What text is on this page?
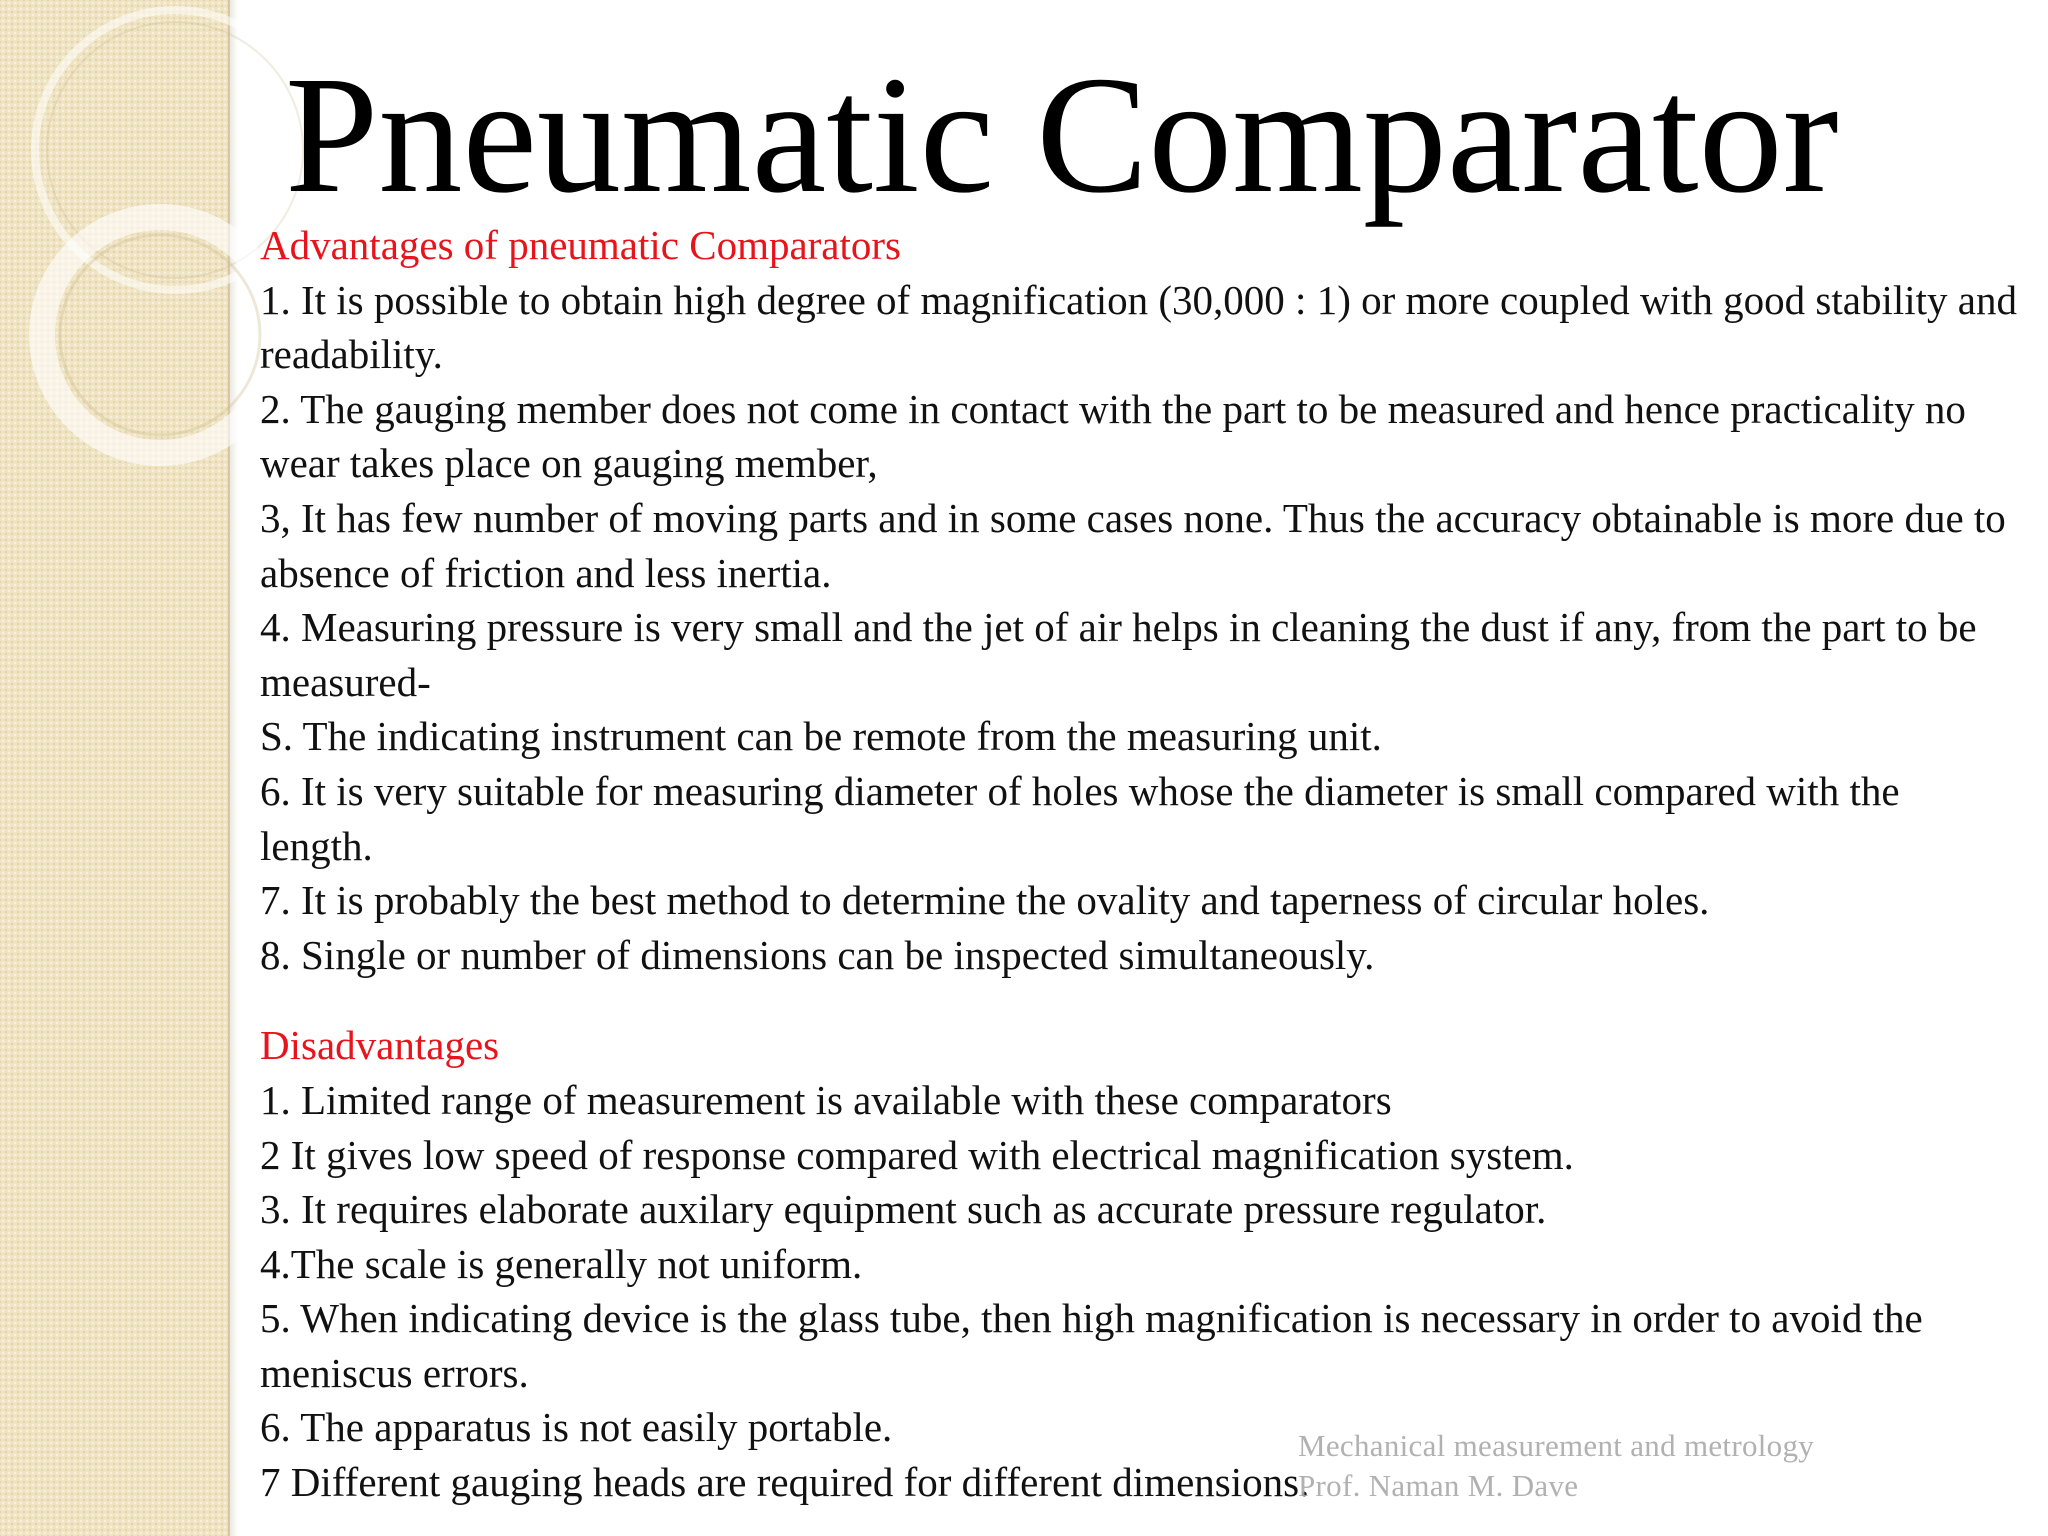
Pneumatic Comparator
Advantages of pneumatic Comparators

1. It is possible to obtain high degree of magnification (30,000 : 1) or more coupled with good stability and readability.

2. The gauging member does not come in contact with the part to be measured and hence practicality no wear takes place on gauging member,

3, It has few number of moving parts and in some cases none. Thus the accuracy obtainable is more due to absence of friction and less inertia.

4. Measuring pressure is very small and the jet of air helps in cleaning the dust if any, from the part to be measured-

S. The indicating instrument can be remote from the measuring unit.

6. It is very suitable for measuring diameter of holes whose the diameter is small compared with the length.

7. It is probably the best method to determine the ovality and taperness of circular holes.

8. Single or number of dimensions can be inspected simultaneously.

Disadvantages

1. Limited range of measurement is available with these comparators

2 It gives low speed of response compared with electrical magnification system.

3. It requires elaborate auxilary equipment such as accurate pressure regulator.

4.The scale is generally not uniform.

5. When indicating device is the glass tube, then high magnification is necessary in order to avoid the meniscus errors.

6. The apparatus is not easily portable.

7 Different gauging heads are required for different dimensions.

Mechanical measurement and metrology
Prof. Naman M. Dave
